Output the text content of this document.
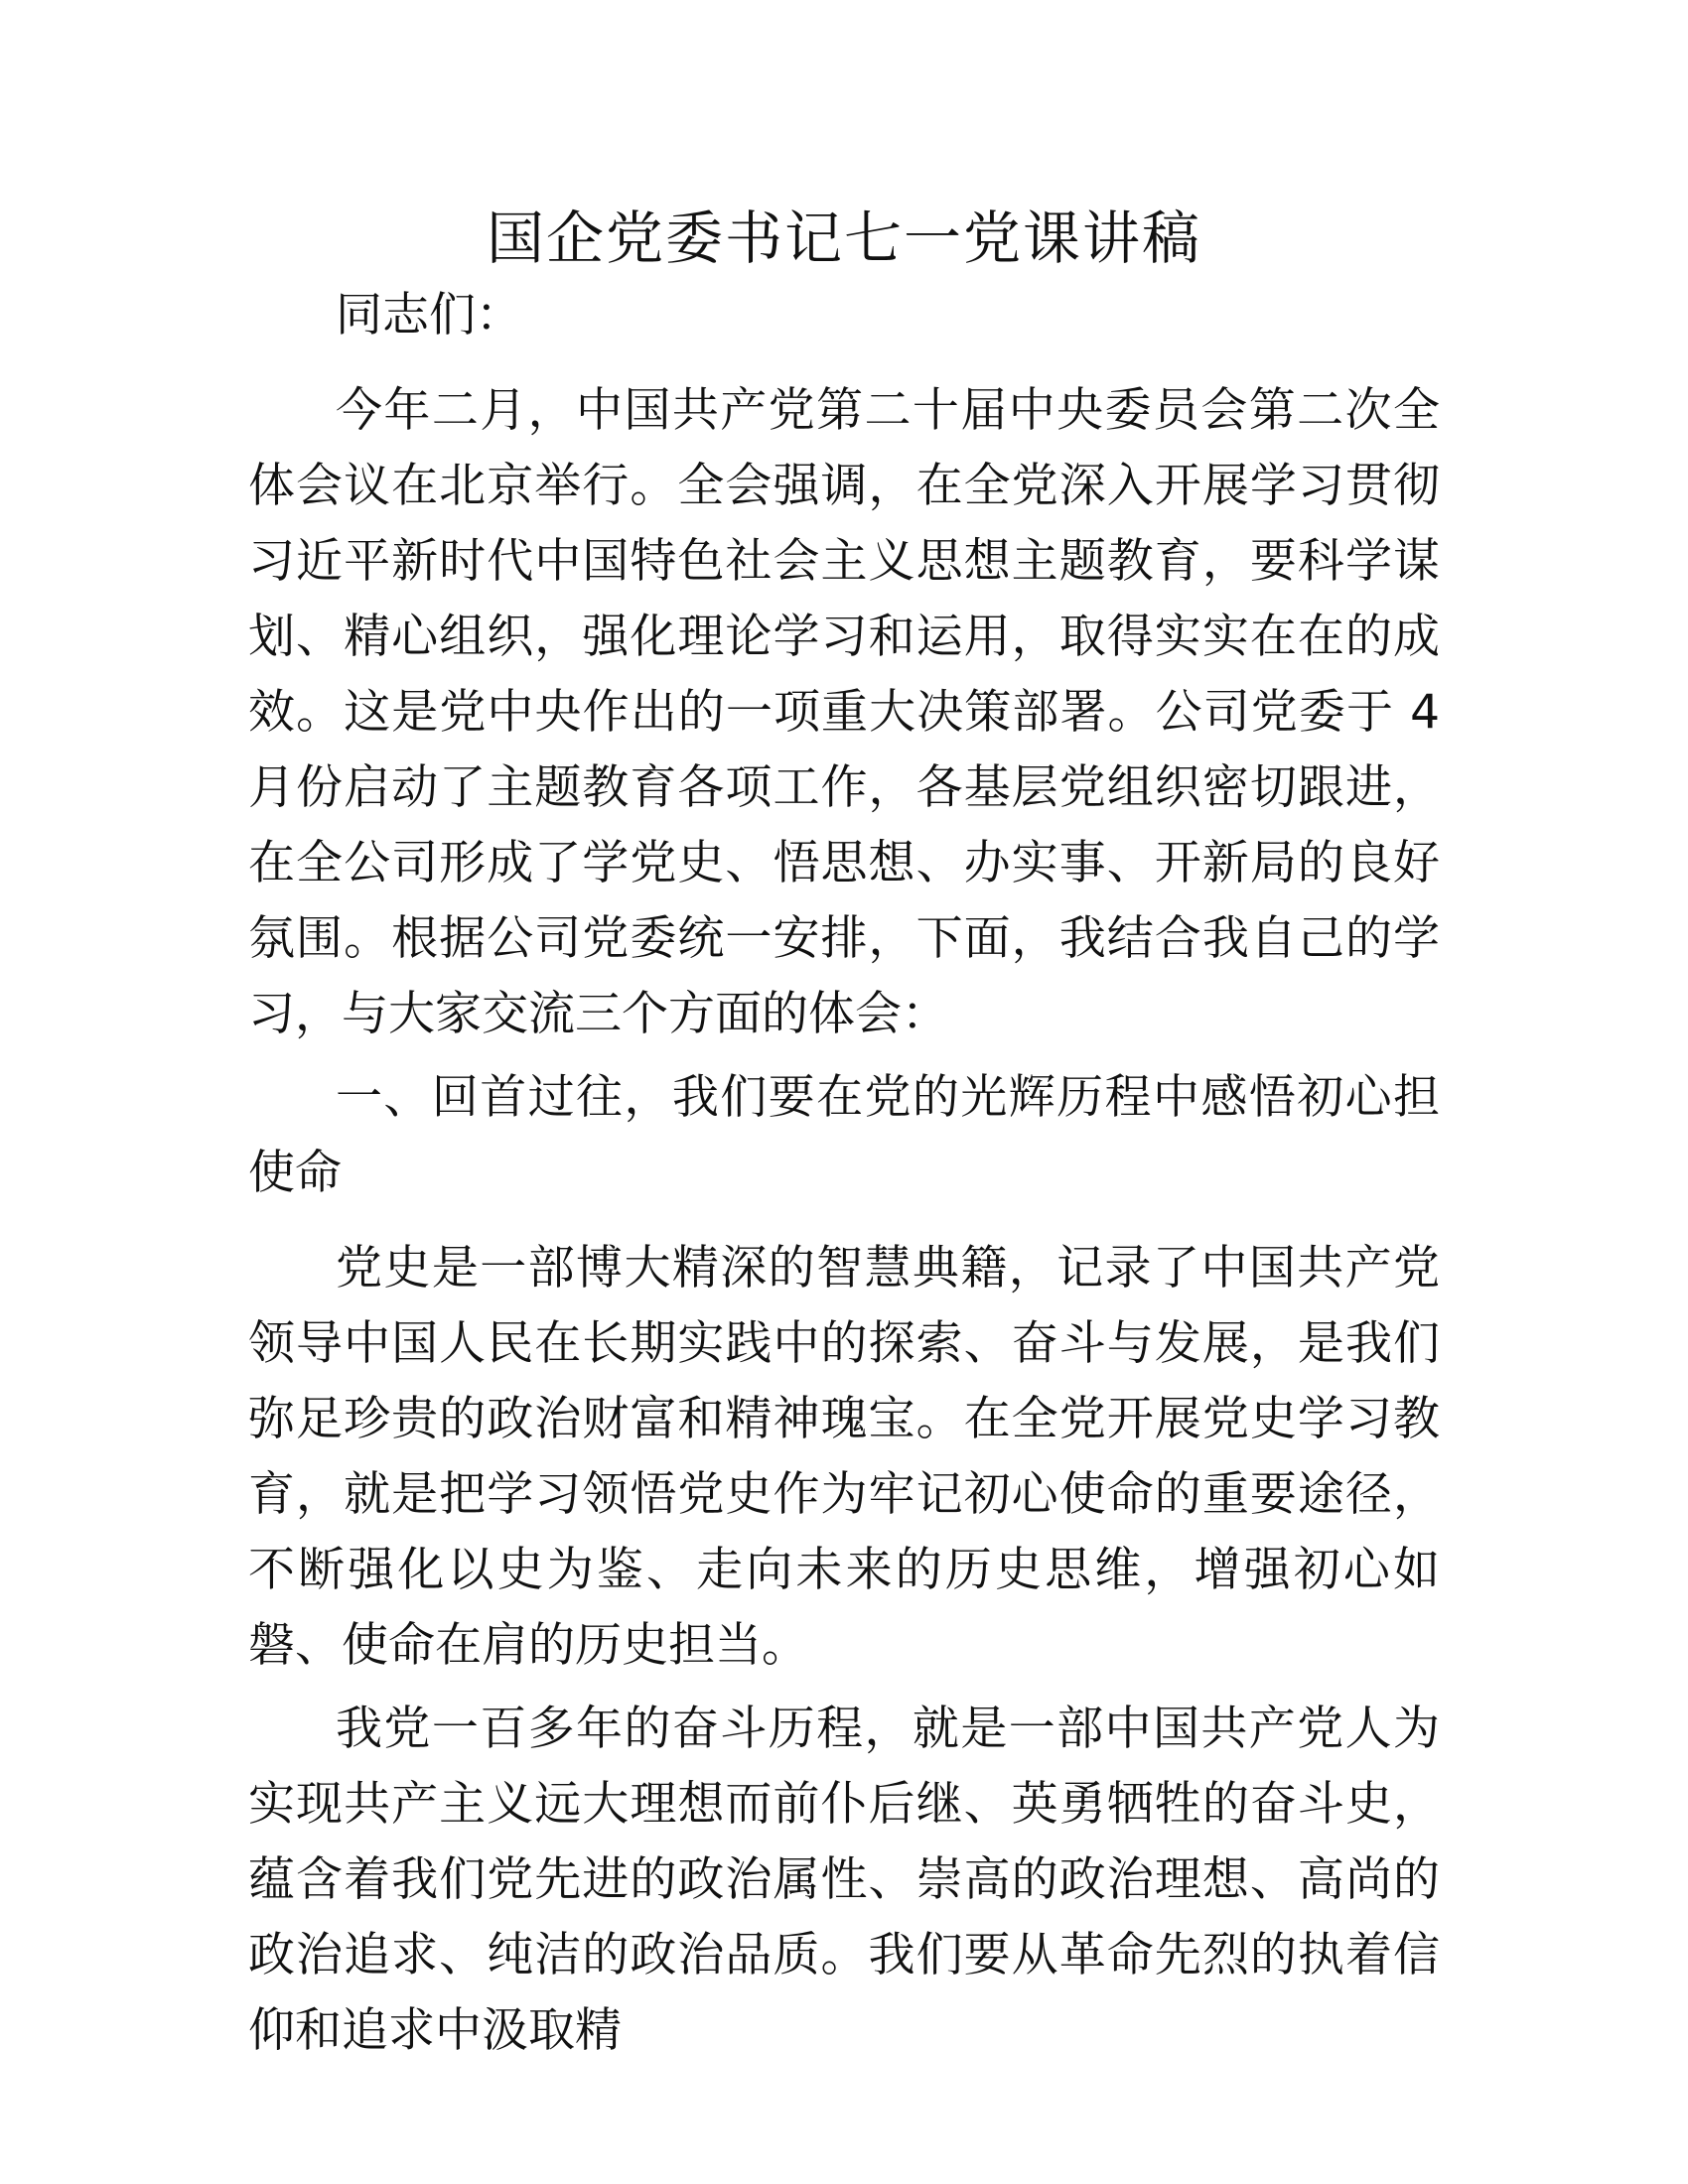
国企党委书记七一党课讲稿

同志们：

今年二月，中国共产党第二十届中央委员会第二次全体会议在北京举行。全会强调，在全党深入开展学习贯彻习近平新时代中国特色社会主义思想主题教育，要科学谋划、精心组织，强化理论学习和运用，取得实实在在的成效。这是党中央作出的一项重大决策部署。公司党委于 4 月份启动了主题教育各项工作，各基层党组织密切跟进，在全公司形成了学党史、悟思想、办实事、开新局的良好氛围。根据公司党委统一安排，下面，我结合我自己的学习，与大家交流三个方面的体会：

一、回首过往，我们要在党的光辉历程中感悟初心担使命

党史是一部博大精深的智慧典籍，记录了中国共产党领导中国人民在长期实践中的探索、奋斗与发展，是我们弥足珍贵的政治财富和精神瑰宝。在全党开展党史学习教育，就是把学习领悟党史作为牢记初心使命的重要途径，不断强化以史为鉴、走向未来的历史思维，增强初心如磐、使命在肩的历史担当。

我党一百多年的奋斗历程，就是一部中国共产党人为实现共产主义远大理想而前仆后继、英勇牺牲的奋斗史，蕴含着我们党先进的政治属性、崇高的政治理想、高尚的政治追求、纯洁的政治品质。我们要从革命先烈的执着信仰和追求中汲取精
